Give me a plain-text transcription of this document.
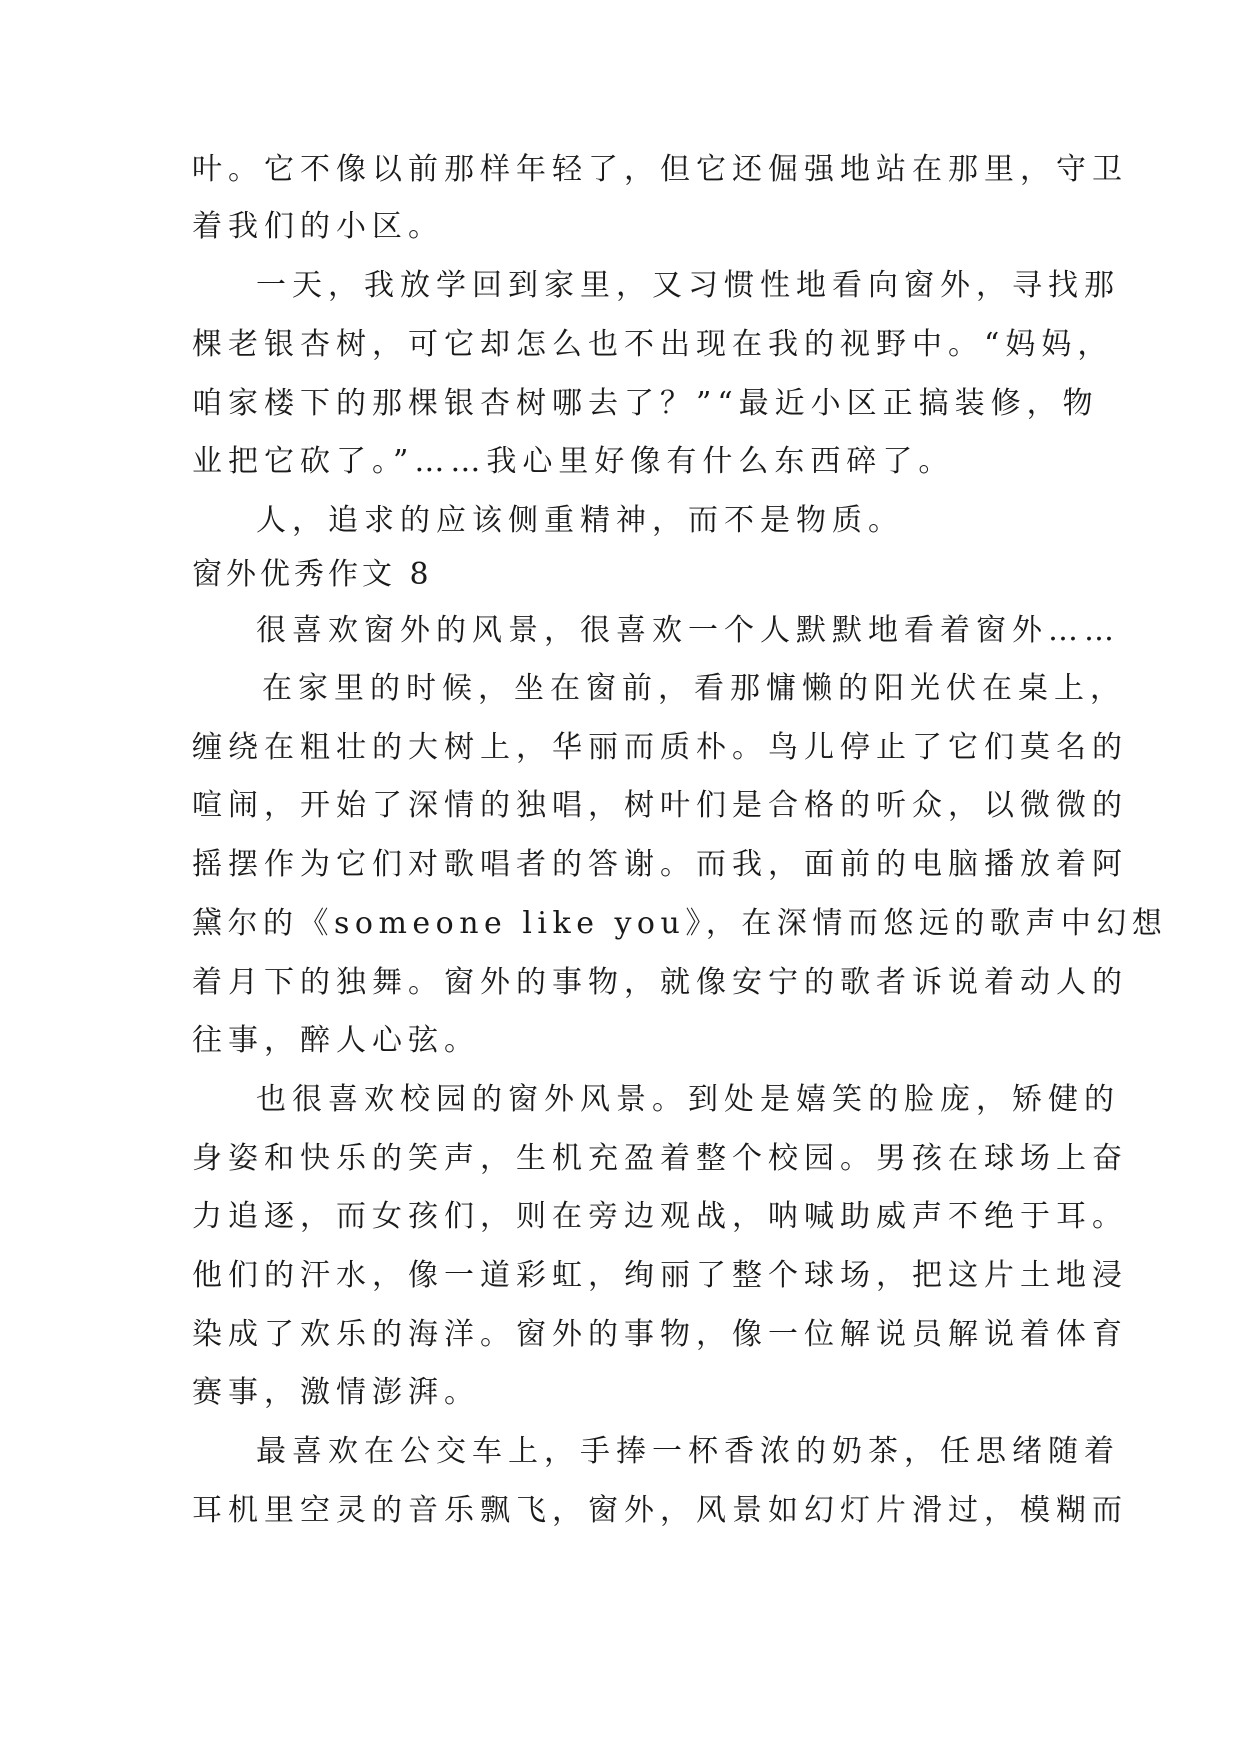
叶。它不像以前那样年轻了，但它还倔强地站在那里，守卫
着我们的小区。
一天，我放学回到家里，又习惯性地看向窗外，寻找那
棵老银杏树，可它却怎么也不出现在我的视野中。“妈妈，
咱家楼下的那棵银杏树哪去了？”“最近小区正搞装修，物
业把它砍了。”……我心里好像有什么东西碎了。
人，追求的应该侧重精神，而不是物质。
窗外优秀作文 8
很喜欢窗外的风景，很喜欢一个人默默地看着窗外……
在家里的时候，坐在窗前，看那慵懒的阳光伏在桌上，
缠绕在粗壮的大树上，华丽而质朴。鸟儿停止了它们莫名的
喧闹，开始了深情的独唱，树叶们是合格的听众，以微微的
摇摆作为它们对歌唱者的答谢。而我，面前的电脑播放着阿
黛尔的《someone like you》，在深情而悠远的歌声中幻想
着月下的独舞。窗外的事物，就像安宁的歌者诉说着动人的
往事，醉人心弦。
也很喜欢校园的窗外风景。到处是嬉笑的脸庞，矫健的
身姿和快乐的笑声，生机充盈着整个校园。男孩在球场上奋
力追逐，而女孩们，则在旁边观战，呐喊助威声不绝于耳。
他们的汗水，像一道彩虹，绚丽了整个球场，把这片土地浸
染成了欢乐的海洋。窗外的事物，像一位解说员解说着体育
赛事，激情澎湃。
最喜欢在公交车上，手捧一杯香浓的奶茶，任思绪随着
耳机里空灵的音乐飘飞，窗外，风景如幻灯片滑过，模糊而
